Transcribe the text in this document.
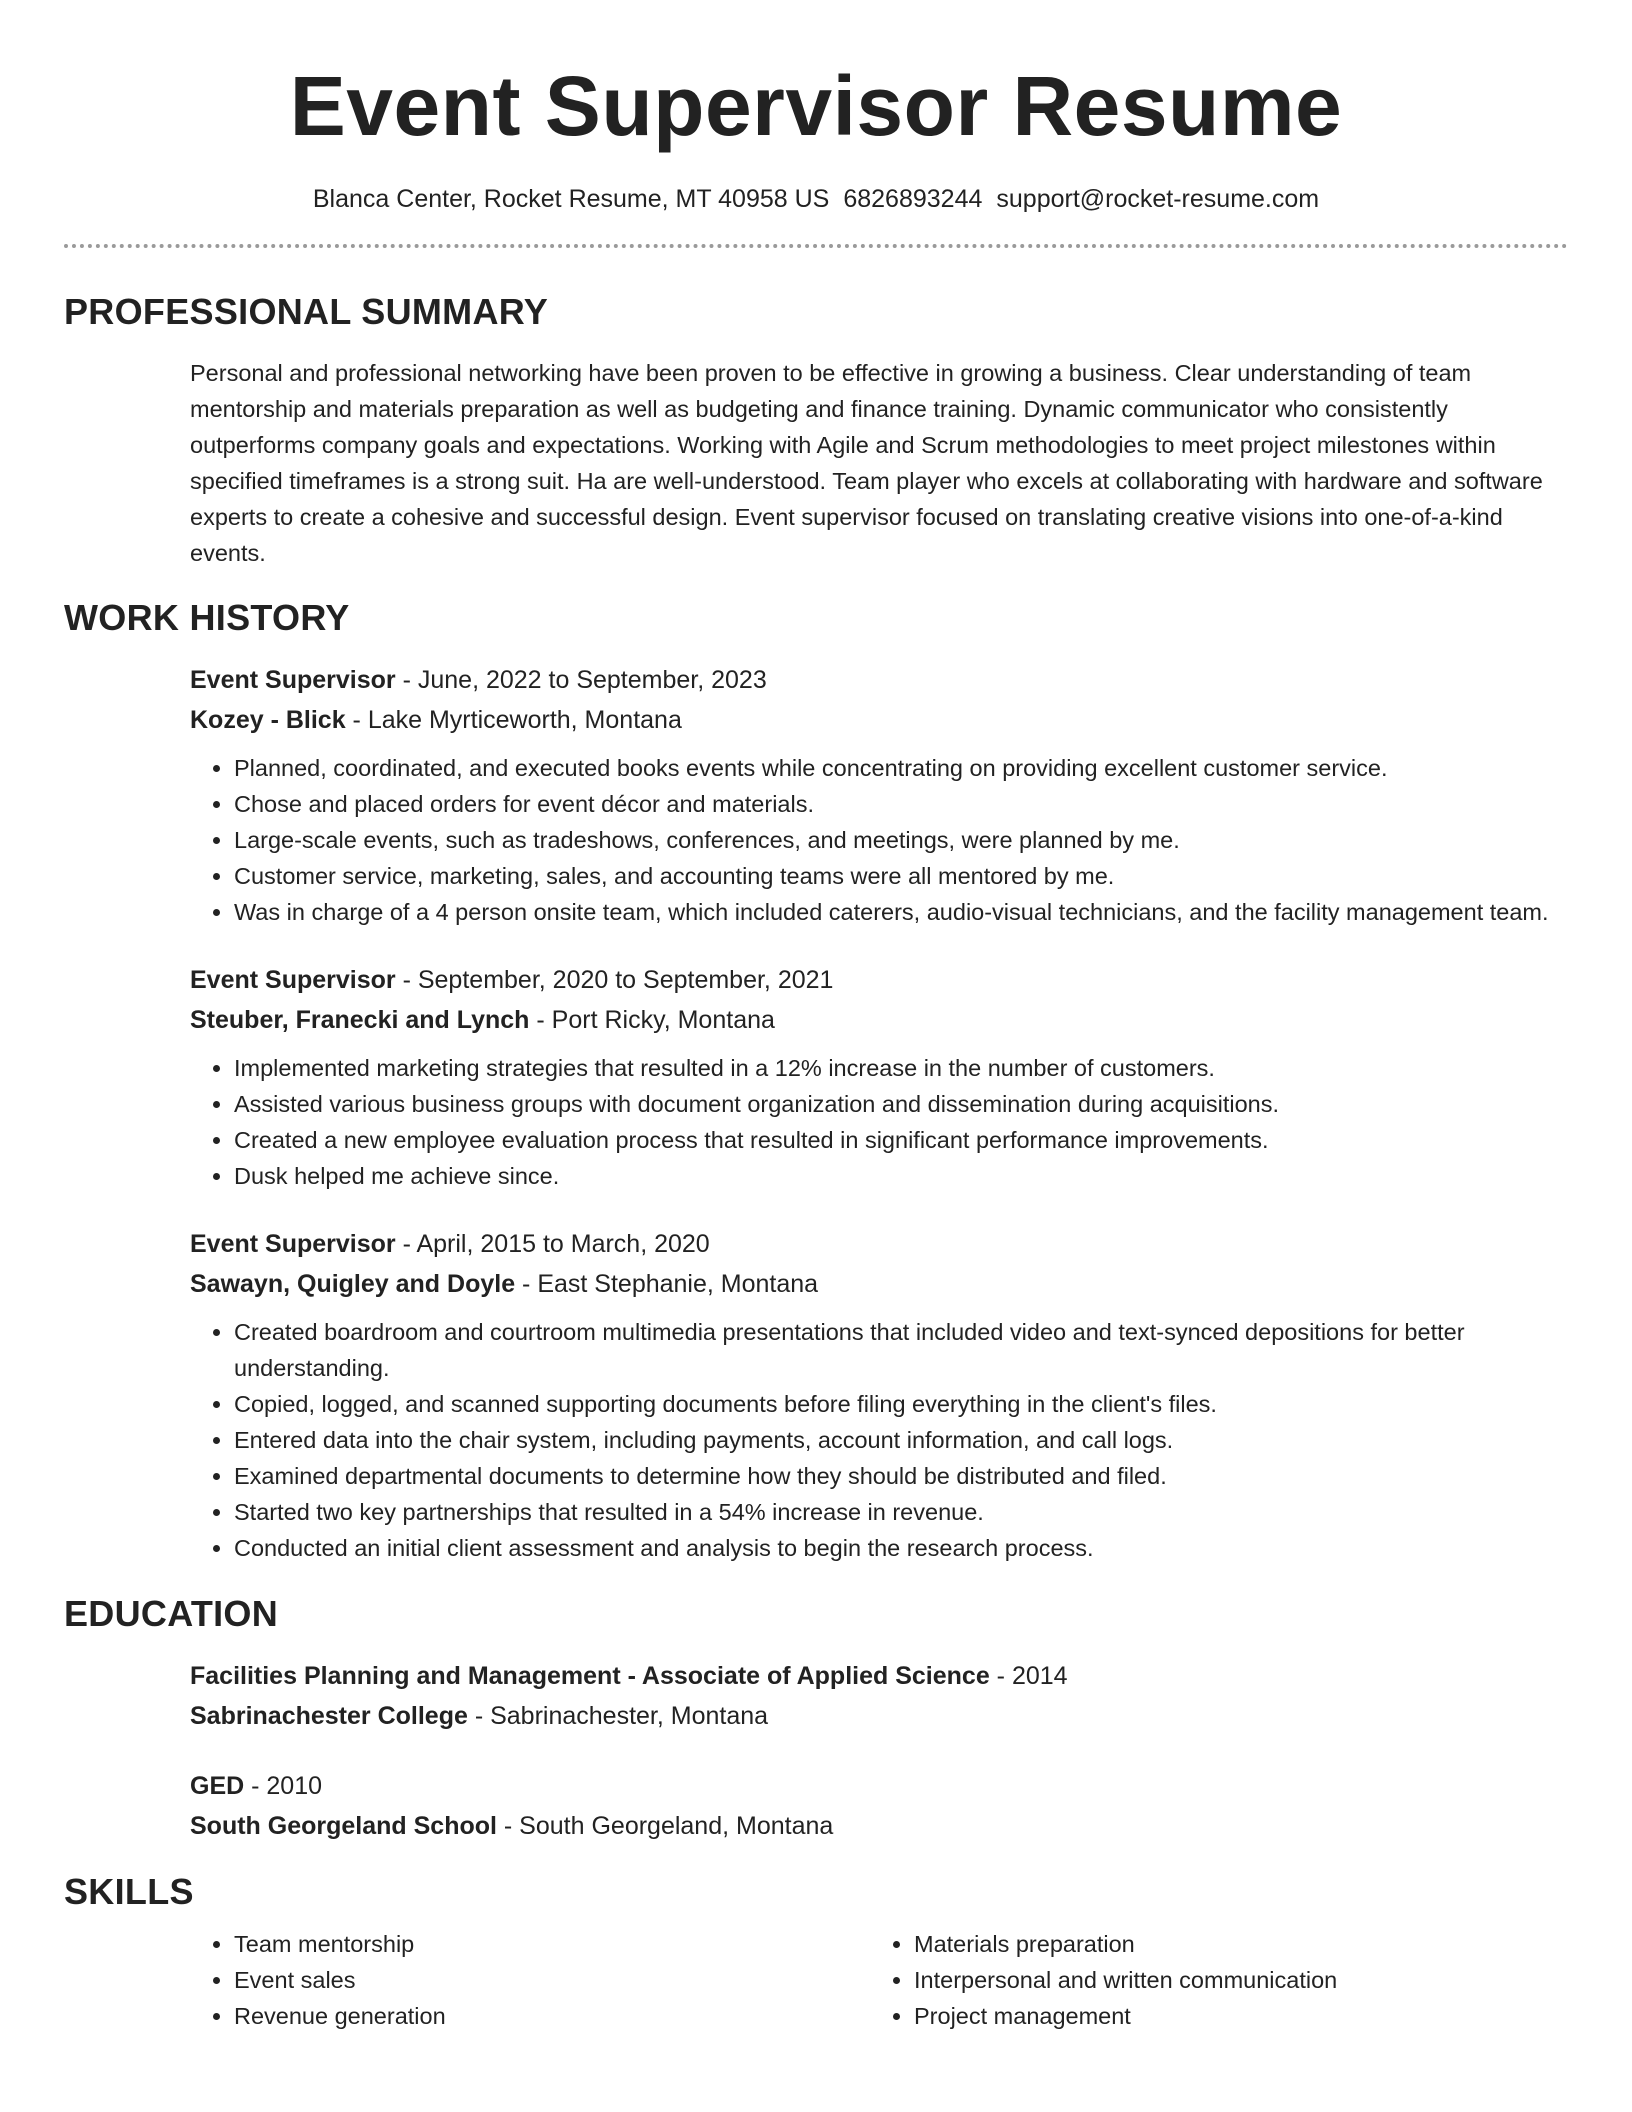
Event Supervisor Resume
Blanca Center, Rocket Resume, MT 40958 US 6826893244 support@rocket-resume.com
PROFESSIONAL SUMMARY
Personal and professional networking have been proven to be effective in growing a business. Clear understanding of team mentorship and materials preparation as well as budgeting and finance training. Dynamic communicator who consistently outperforms company goals and expectations. Working with Agile and Scrum methodologies to meet project milestones within specified timeframes is a strong suit. Ha are well-understood. Team player who excels at collaborating with hardware and software experts to create a cohesive and successful design. Event supervisor focused on translating creative visions into one-of-a-kind events.
WORK HISTORY
Event Supervisor - June, 2022 to September, 2023
Kozey - Blick - Lake Myrticeworth, Montana
• Planned, coordinated, and executed books events while concentrating on providing excellent customer service.
• Chose and placed orders for event décor and materials.
• Large-scale events, such as tradeshows, conferences, and meetings, were planned by me.
• Customer service, marketing, sales, and accounting teams were all mentored by me.
• Was in charge of a 4 person onsite team, which included caterers, audio-visual technicians, and the facility management team.
Event Supervisor - September, 2020 to September, 2021
Steuber, Franecki and Lynch - Port Ricky, Montana
• Implemented marketing strategies that resulted in a 12% increase in the number of customers.
• Assisted various business groups with document organization and dissemination during acquisitions.
• Created a new employee evaluation process that resulted in significant performance improvements.
• Dusk helped me achieve since.
Event Supervisor - April, 2015 to March, 2020
Sawayn, Quigley and Doyle - East Stephanie, Montana
• Created boardroom and courtroom multimedia presentations that included video and text-synced depositions for better understanding.
• Copied, logged, and scanned supporting documents before filing everything in the client's files.
• Entered data into the chair system, including payments, account information, and call logs.
• Examined departmental documents to determine how they should be distributed and filed.
• Started two key partnerships that resulted in a 54% increase in revenue.
• Conducted an initial client assessment and analysis to begin the research process.
EDUCATION
Facilities Planning and Management - Associate of Applied Science - 2014
Sabrinachester College - Sabrinachester, Montana
GED - 2010
South Georgeland School - South Georgeland, Montana
SKILLS
• Team mentorship
• Event sales
• Revenue generation
• Materials preparation
• Interpersonal and written communication
• Project management
